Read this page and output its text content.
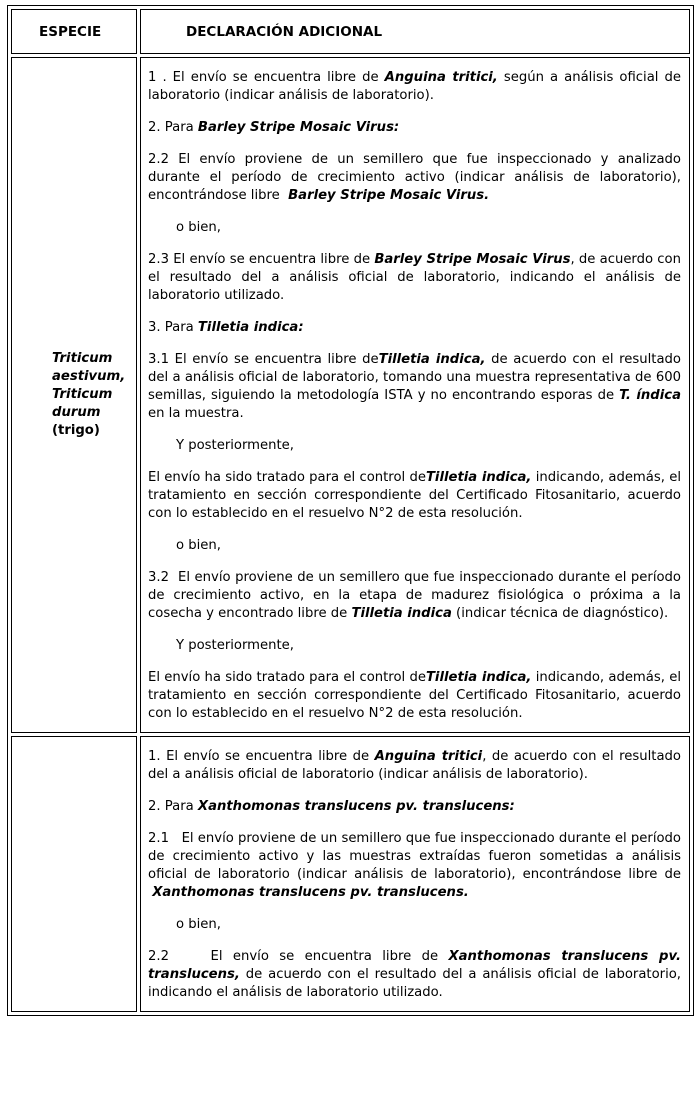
ESPECIE	DECLARACIÓN ADICIONAL

Triticum aestivum, Triticum durum (trigo)

1 . El envío se encuentra libre de Anguina tritici, según a análisis oficial de laboratorio (indicar análisis de laboratorio).

2. Para Barley Stripe Mosaic Virus:

2.2 El envío proviene de un semillero que fue inspeccionado y analizado durante el período de crecimiento activo (indicar análisis de laboratorio), encontrándose libre  Barley Stripe Mosaic Virus.

o bien,

2.3 El envío se encuentra libre de Barley Stripe Mosaic Virus, de acuerdo con el resultado del a análisis oficial de laboratorio, indicando el análisis de laboratorio utilizado.

3. Para Tilletia indica:

3.1 El envío se encuentra libre deTilletia indica, de acuerdo con el resultado del a análisis oficial de laboratorio, tomando una muestra representativa de 600 semillas, siguiendo la metodología ISTA y no encontrando esporas de T. índica en la muestra.

Y posteriormente,

El envío ha sido tratado para el control deTilletia indica, indicando, además, el tratamiento en sección correspondiente del Certificado Fitosanitario, acuerdo con lo establecido en el resuelvo N°2 de esta resolución.

o bien,

3.2  El envío proviene de un semillero que fue inspeccionado durante el período de crecimiento activo, en la etapa de madurez fisiológica o próxima a la cosecha y encontrado libre de Tilletia indica (indicar técnica de diagnóstico).

Y posteriormente,

El envío ha sido tratado para el control deTilletia indica, indicando, además, el tratamiento en sección correspondiente del Certificado Fitosanitario, acuerdo con lo establecido en el resuelvo N°2 de esta resolución.

	1. El envío se encuentra libre de Anguina tritici, de acuerdo con el resultado del a análisis oficial de laboratorio (indicar análisis de laboratorio).

2. Para Xanthomonas translucens pv. translucens:

2.1   El envío proviene de un semillero que fue inspeccionado durante el período de crecimiento activo y las muestras extraídas fueron sometidas a análisis oficial de laboratorio (indicar análisis de laboratorio), encontrándose libre de  Xanthomonas translucens pv. translucens.

o bien,

2.2    El envío se encuentra libre de Xanthomonas translucens pv. translucens, de acuerdo con el resultado del a análisis oficial de laboratorio, indicando el análisis de laboratorio utilizado.
